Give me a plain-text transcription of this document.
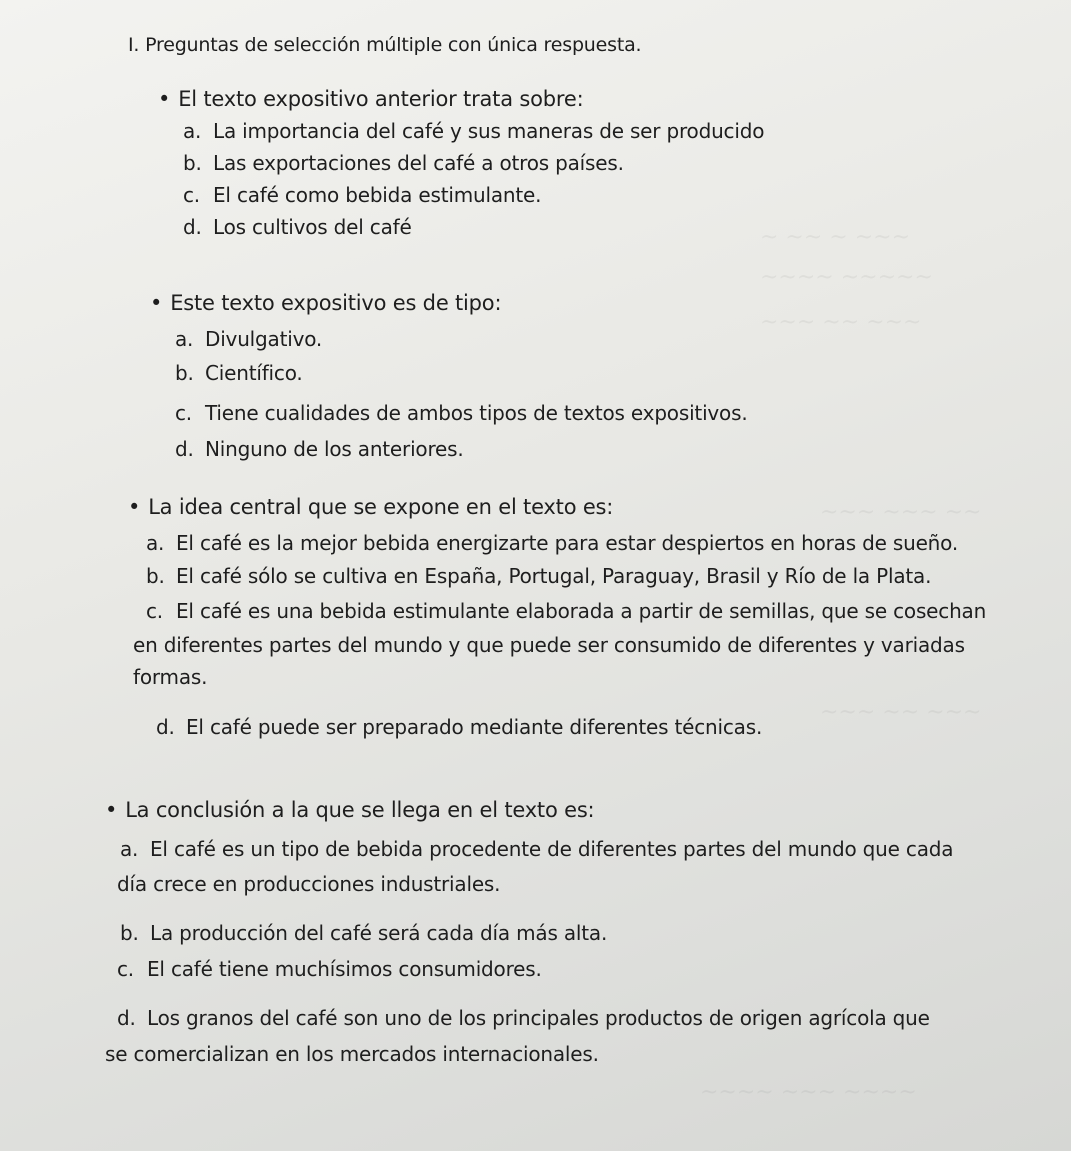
~ ~~ ~ ~~~
~~~~ ~~~~~
~~~ ~~ ~~~
~~~ ~~~ ~~
~~~ ~~ ~~~
~~~~ ~~~ ~~~~
I. Preguntas de selección múltiple con única respuesta.
• El texto expositivo anterior trata sobre:
a. La importancia del café y sus maneras de ser producido
b. Las exportaciones del café a otros países.
c. El café como bebida estimulante.
d. Los cultivos del café
• Este texto expositivo es de tipo:
a. Divulgativo.
b. Científico.
c. Tiene cualidades de ambos tipos de textos expositivos.
d. Ninguno de los anteriores.
• La idea central que se expone en el texto es:
a. El café es la mejor bebida energizarte para estar despiertos en horas de sueño.
b. El café sólo se cultiva en España, Portugal, Paraguay, Brasil y Río de la Plata.
c. El café es una bebida estimulante elaborada a partir de semillas, que se cosechan
en diferentes partes del mundo y que puede ser consumido de diferentes y variadas
formas.
d. El café puede ser preparado mediante diferentes técnicas.
• La conclusión a la que se llega en el texto es:
a. El café es un tipo de bebida procedente de diferentes partes del mundo que cada
día crece en producciones industriales.
b. La producción del café será cada día más alta.
c. El café tiene muchísimos consumidores.
d. Los granos del café son uno de los principales productos de origen agrícola que
se comercializan en los mercados internacionales.
